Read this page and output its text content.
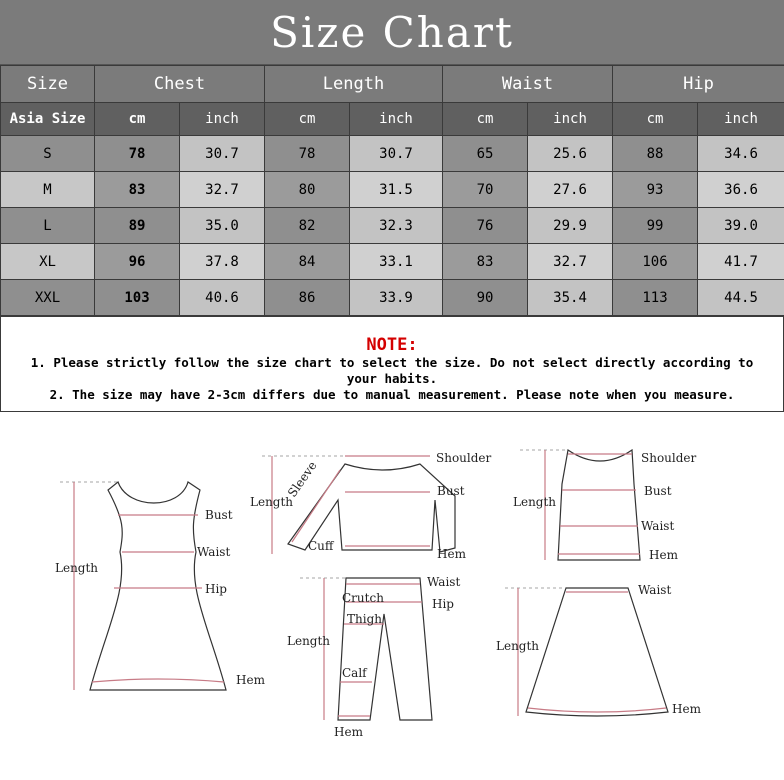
Size Chart
Size	Chest		Length		Waist		Hip	
Asia Size	cm	inch	cm	inch	cm	inch	cm	inch
S	78	30.7	78	30.7	65	25.6	88	34.6
M	83	32.7	80	31.5	70	27.6	93	36.6
L	89	35.0	82	32.3	76	29.9	99	39.0
XL	96	37.8	84	33.1	83	32.7	106	41.7
XXL	103	40.6	86	33.9	90	35.4	113	44.5
NOTE:
1. Please strictly follow the size chart to select the size. Do not select directly according to
your habits.
2. The size may have 2-3cm differs due to manual measurement. Please note when you measure.
Length
Bust
Waist
Hip
Hem
Shoulder
Sleeve
Length
Bust
Cuff
Hem
Shoulder
Length
Bust
Waist
Hem
Waist
Crutch	Hip
Thigh
Length
Calf
Hem
Waist
Length
Hem
